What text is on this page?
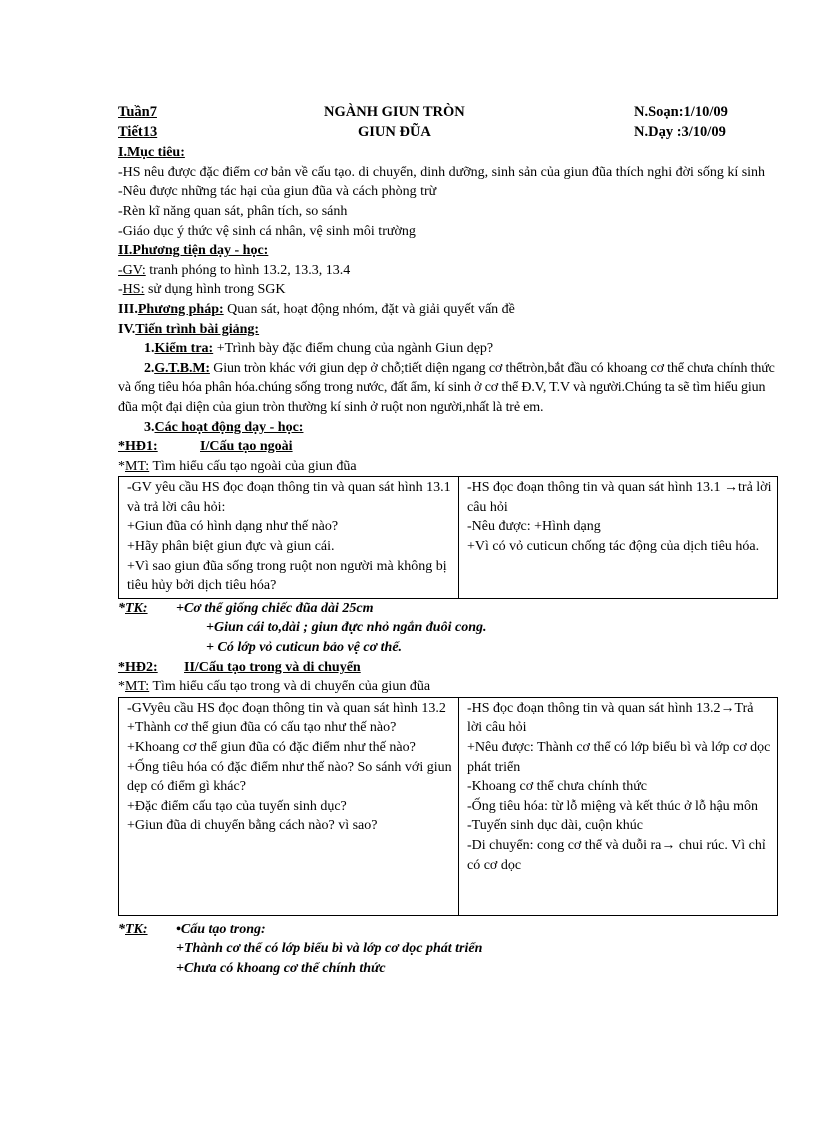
Tuần7	NGÀNH GIUN TRÒN	N.Soạn:1/10/09
Tiết13	GIUN ĐŨA	N.Dạy :3/10/09
I.Mục tiêu:
-HS nêu được đặc điểm cơ bản về cấu tạo. di chuyển, dinh dưỡng, sinh sản của giun đũa thích nghi đời sống kí sinh
-Nêu được những tác hại của giun đũa và cách phòng trừ
-Rèn kĩ năng quan sát, phân tích, so sánh
-Giáo dục ý thức vệ sinh cá nhân, vệ sinh môi trường
II.Phương tiện dạy - học:
-GV: tranh phóng to hình 13.2, 13.3, 13.4
-HS: sử dụng hình trong SGK
III.Phương pháp: Quan sát, hoạt động nhóm, đặt và giải quyết vấn đề
IV.Tiến trình bài giảng:
1.Kiểm tra: +Trình bày đặc điểm chung của ngành Giun dẹp?
2.G.T.B.M: Giun tròn khác với giun dẹp ở chỗ;tiết diện ngang cơ thểtròn,bắt đầu có khoang cơ thể chưa chính thức và ống tiêu hóa phân hóa.chúng sống trong nước, đất ẩm, kí sinh ở cơ thể Đ.V, T.V và người.Chúng ta sẽ tìm hiểu giun đũa một đại diện của giun tròn thường kí sinh ở ruột non người,nhất là trẻ em.
3.Các hoạt động dạy - học:
*HĐ1:	I/Cấu tạo ngoài
*MT: Tìm hiểu cấu tạo ngoài của giun đũa
-GV yêu cầu HS đọc đoạn thông tin và quan sát hình 13.1 và trả lời câu hỏi:
+Giun đũa có hình dạng như thế nào?
+Hãy phân biệt giun đực và giun cái.
+Vì sao giun đũa sống trong ruột non người mà không bị tiêu hủy bởi dịch tiêu hóa?

-HS đọc đoạn thông tin và quan sát hình 13.1 →trả lời câu hỏi
-Nêu được: +Hình dạng
+Vì có vỏ cuticun chống tác động của dịch tiêu hóa.
*TK: +Cơ thể giống chiếc đũa dài 25cm
+Giun cái to,dài ; giun đực nhỏ ngắn đuôi cong.
+ Có lớp vỏ cuticun bảo vệ cơ thể.
*HĐ2: II/Cấu tạo trong và di chuyển
*MT: Tìm hiểu cấu tạo trong và di chuyển của giun đũa
-GVyêu cầu HS đọc đoạn thông tin và quan sát hình 13.2
+Thành cơ thể giun đũa có cấu tạo như thế nào?
+Khoang cơ thể giun đũa có đặc điểm như thế nào?
+Ống tiêu hóa có đặc điểm như thế nào? So sánh với giun dẹp có điểm gì khác?
+Đặc điểm cấu tạo của tuyến sinh dục?
+Giun đũa di chuyển bằng cách nào? vì sao?

-HS đọc đoạn thông tin và quan sát hình 13.2→Trả lời câu hỏi
+Nêu được: Thành cơ thể có lớp biểu bì và lớp cơ dọc phát triển
-Khoang cơ thể chưa chính thức
-Ống tiêu hóa: từ lỗ miệng và kết thúc ở lỗ hậu môn
-Tuyến sinh dục dài, cuộn khúc
-Di chuyển: cong cơ thể và duỗi ra→ chui rúc. Vì chỉ có cơ dọc
*TK: •Cấu tạo trong:
+Thành cơ thể có lớp biểu bì và lớp cơ dọc phát triển
+Chưa có khoang cơ thể chính thức
